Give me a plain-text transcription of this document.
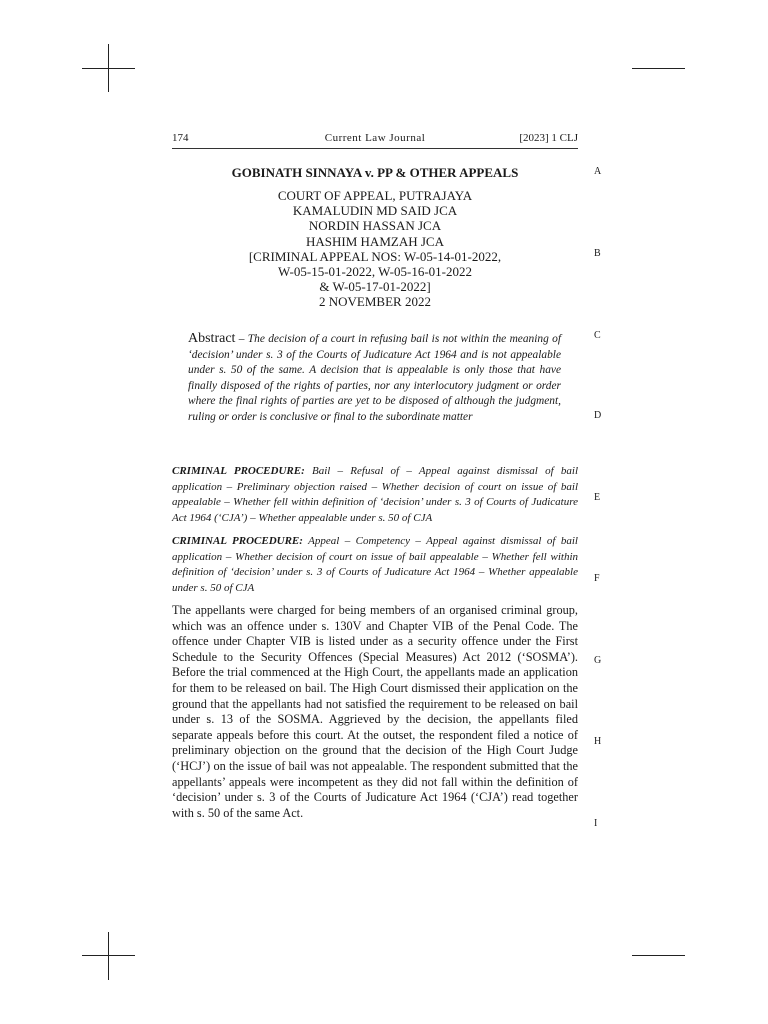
174	Current Law Journal	[2023] 1 CLJ
A
B
C
D
E
F
G
H
I
GOBINATH SINNAYA v. PP & OTHER APPEALS
COURT OF APPEAL, PUTRAJAYA
KAMALUDIN MD SAID JCA
NORDIN HASSAN JCA
HASHIM HAMZAH JCA
[CRIMINAL APPEAL NOS: W-05-14-01-2022,
W-05-15-01-2022, W-05-16-01-2022
& W-05-17-01-2022]
2 NOVEMBER 2022
Abstract – The decision of a court in refusing bail is not within the meaning of ‘decision’ under s. 3 of the Courts of Judicature Act 1964 and is not appealable under s. 50 of the same. A decision that is appealable is only those that have finally disposed of the rights of parties, nor any interlocutory judgment or order where the final rights of parties are yet to be disposed of although the judgment, ruling or order is conclusive or final to the subordinate matter
CRIMINAL PROCEDURE: Bail – Refusal of – Appeal against dismissal of bail application – Preliminary objection raised – Whether decision of court on issue of bail appealable – Whether fell within definition of ‘decision’ under s. 3 of Courts of Judicature Act 1964 (‘CJA’) – Whether appealable under s. 50 of CJA
CRIMINAL PROCEDURE: Appeal – Competency – Appeal against dismissal of bail application – Whether decision of court on issue of bail appealable – Whether fell within definition of ‘decision’ under s. 3 of Courts of Judicature Act 1964 – Whether appealable under s. 50 of CJA
The appellants were charged for being members of an organised criminal group, which was an offence under s. 130V and Chapter VIB of the Penal Code. The offence under Chapter VIB is listed under as a security offence under the First Schedule to the Security Offences (Special Measures) Act 2012 (‘SOSMA’). Before the trial commenced at the High Court, the appellants made an application for them to be released on bail. The High Court dismissed their application on the ground that the appellants had not satisfied the requirement to be released on bail under s. 13 of the SOSMA. Aggrieved by the decision, the appellants filed separate appeals before this court. At the outset, the respondent filed a notice of preliminary objection on the ground that the decision of the High Court Judge (‘HCJ’) on the issue of bail was not appealable. The respondent submitted that the appellants’ appeals were incompetent as they did not fall within the definition of ‘decision’ under s. 3 of the Courts of Judicature Act 1964 (‘CJA’) read together with s. 50 of the same Act.
